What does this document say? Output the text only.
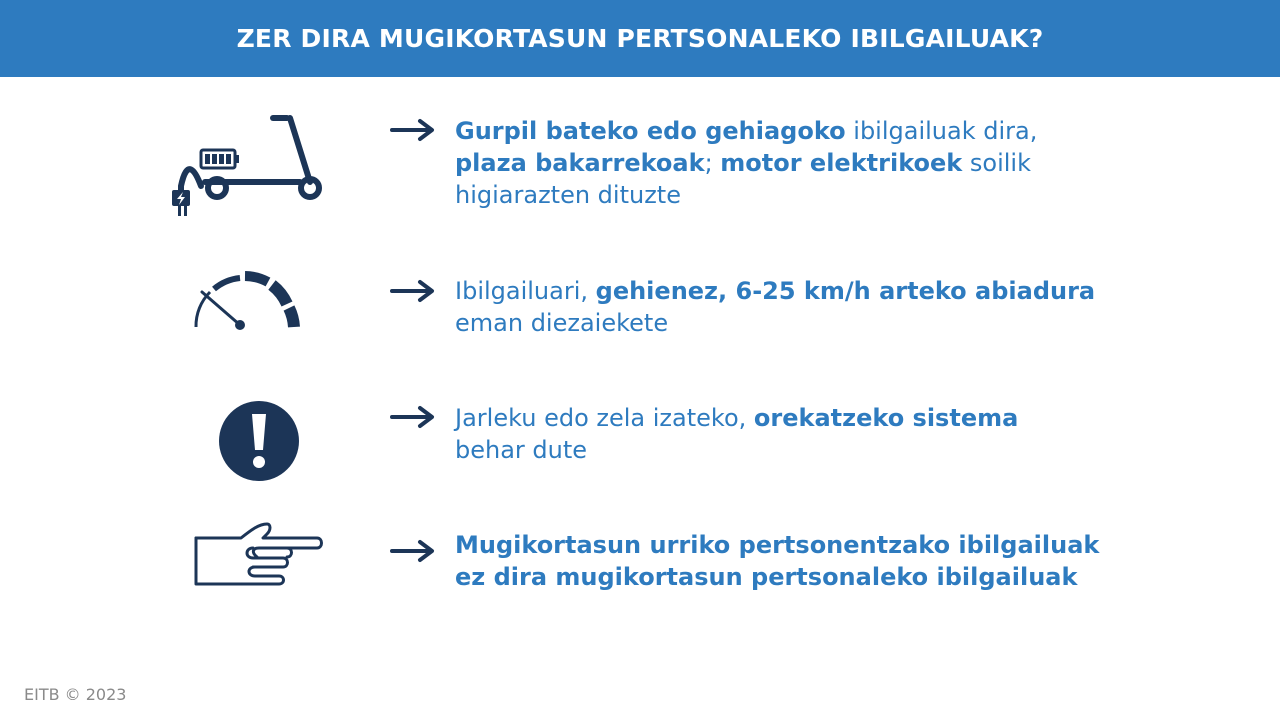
ZER DIRA MUGIKORTASUN PERTSONALEKO IBILGAILUAK?
Gurpil bateko edo gehiagoko ibilgailuak dira,
plaza bakarrekoak; motor elektrikoek soilik
higiarazten dituzte
Ibilgailuari, gehienez, 6-25 km/h arteko abiadura
eman diezaiekete
Jarleku edo zela izateko, orekatzeko sistema
behar dute
Mugikortasun urriko pertsonentzako ibilgailuak
ez dira mugikortasun pertsonaleko ibilgailuak
EITB © 2023
